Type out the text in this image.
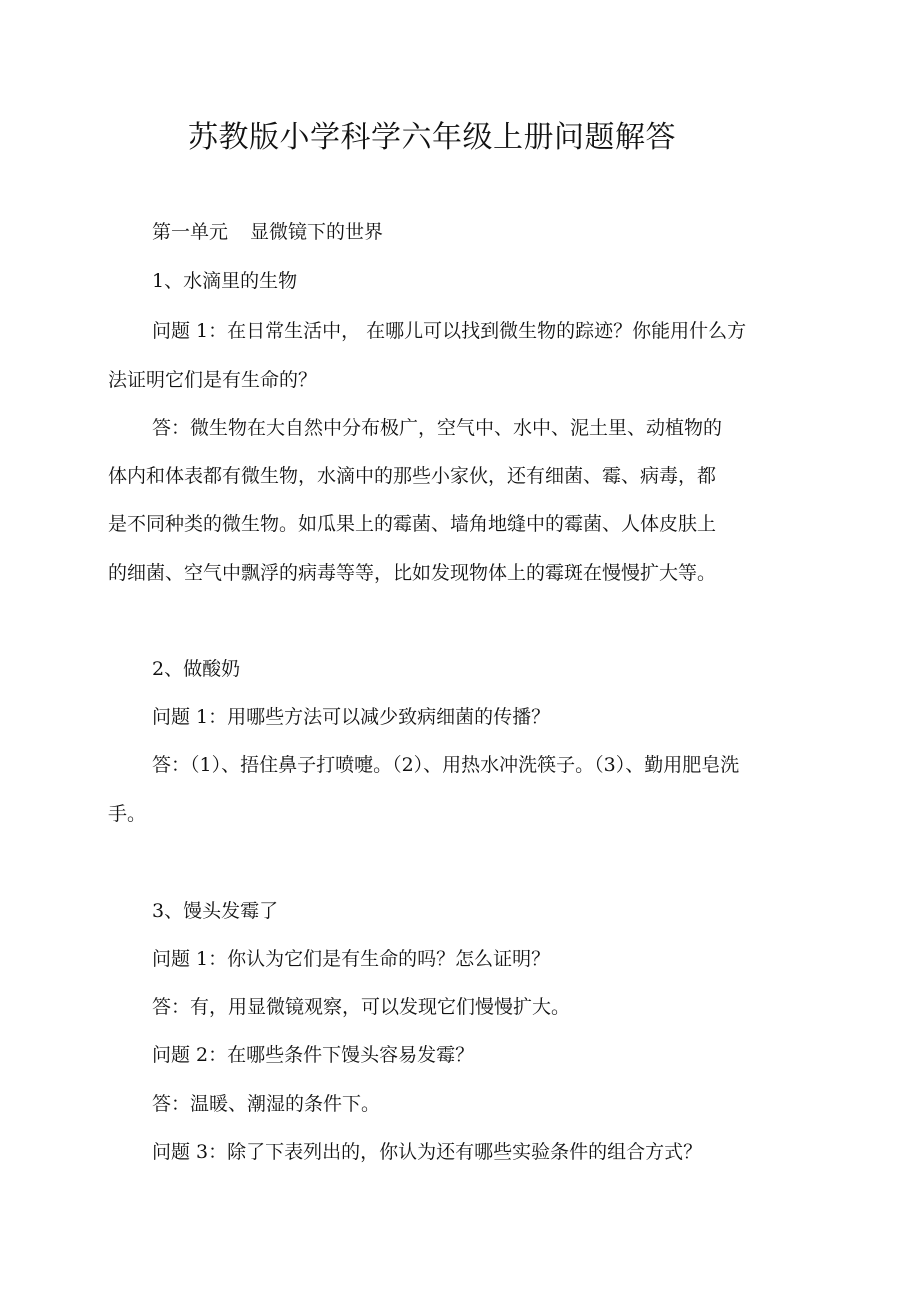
苏教版小学科学六年级上册问题解答
第一单元 显微镜下的世界
1、水滴里的生物
问题 1：在日常生活中， 在哪儿可以找到微生物的踪迹？你能用什么方
法证明它们是有生命的？
答：微生物在大自然中分布极广，空气中、水中、泥土里、动植物的
体内和体表都有微生物，水滴中的那些小家伙，还有细菌、霉、病毒，都
是不同种类的微生物。如瓜果上的霉菌、墙角地缝中的霉菌、人体皮肤上
的细菌、空气中飘浮的病毒等等，比如发现物体上的霉斑在慢慢扩大等。
2、做酸奶
问题 1：用哪些方法可以减少致病细菌的传播？
答：（1）、捂住鼻子打喷嚏。（2）、用热水冲洗筷子。（3）、勤用肥皂洗
手。
3、馒头发霉了
问题 1：你认为它们是有生命的吗？怎么证明？
答：有，用显微镜观察，可以发现它们慢慢扩大。
问题 2：在哪些条件下馒头容易发霉？
答：温暖、潮湿的条件下。
问题 3：除了下表列出的，你认为还有哪些实验条件的组合方式？
